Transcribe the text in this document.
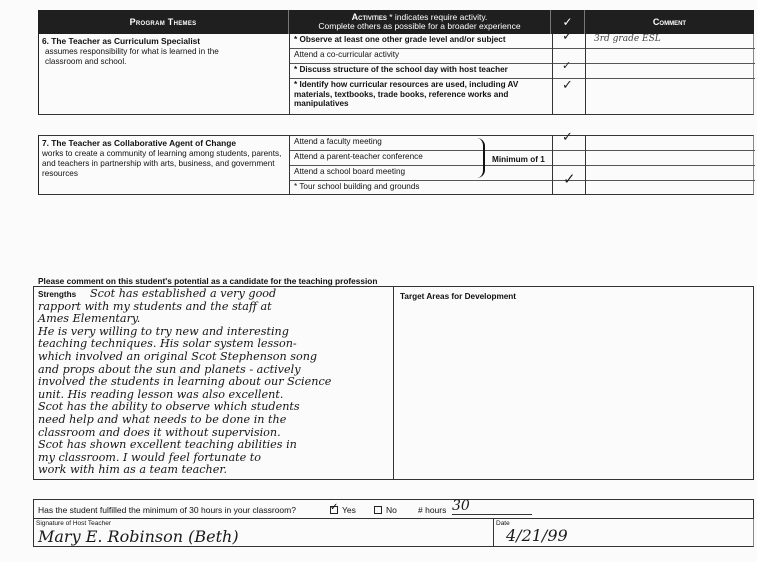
Program Themes	Activities * indicates require activity.
Complete others as possible for a broader experience	✓	Comment
6. The Teacher as Curriculum Specialist

assumes responsibility for what is learned in the classroom and school.
* Observe at least one other grade level and/or subject
Attend a co-curricular activity
* Discuss structure of the school day with host teacher
* Identify how curricular resources are used, including AV materials, textbooks, trade books, reference works and manipulatives
✓
✓
✓
3rd grade ESL
7. The Teacher as Collaborative Agent of Change

works to create a community of learning among students, parents, and teachers in partnership with arts, business, and government resources
Attend a faculty meeting
Attend a parent-teacher conference
Attend a school board meeting
* Tour school building and grounds
Minimum of 1
✓
✓
Please comment on this student's potential as a candidate for the teaching profession
Strengths	Scot has established a very good
rapport with my students and the staff at
Ames Elementary.
He is very willing to try new and interesting
teaching techniques. His solar system lesson-
which involved an original Scot Stephenson song
and props about the sun and planets - actively
involved the students in learning about our Science
unit. His reading lesson was also excellent.
Scot has the ability to observe which students
need help and what needs to be done in the
classroom and does it without supervision.
Scot has shown excellent teaching abilities in
my classroom. I would feel fortunate to
work with him as a team teacher.
Target Areas for Development
Has the student fulfilled the minimum of 30 hours in your classroom?
✓	Yes	No # hours 30
Signature of Host Teacher
Mary E. Robinson (Beth)
Date
4/21/99
